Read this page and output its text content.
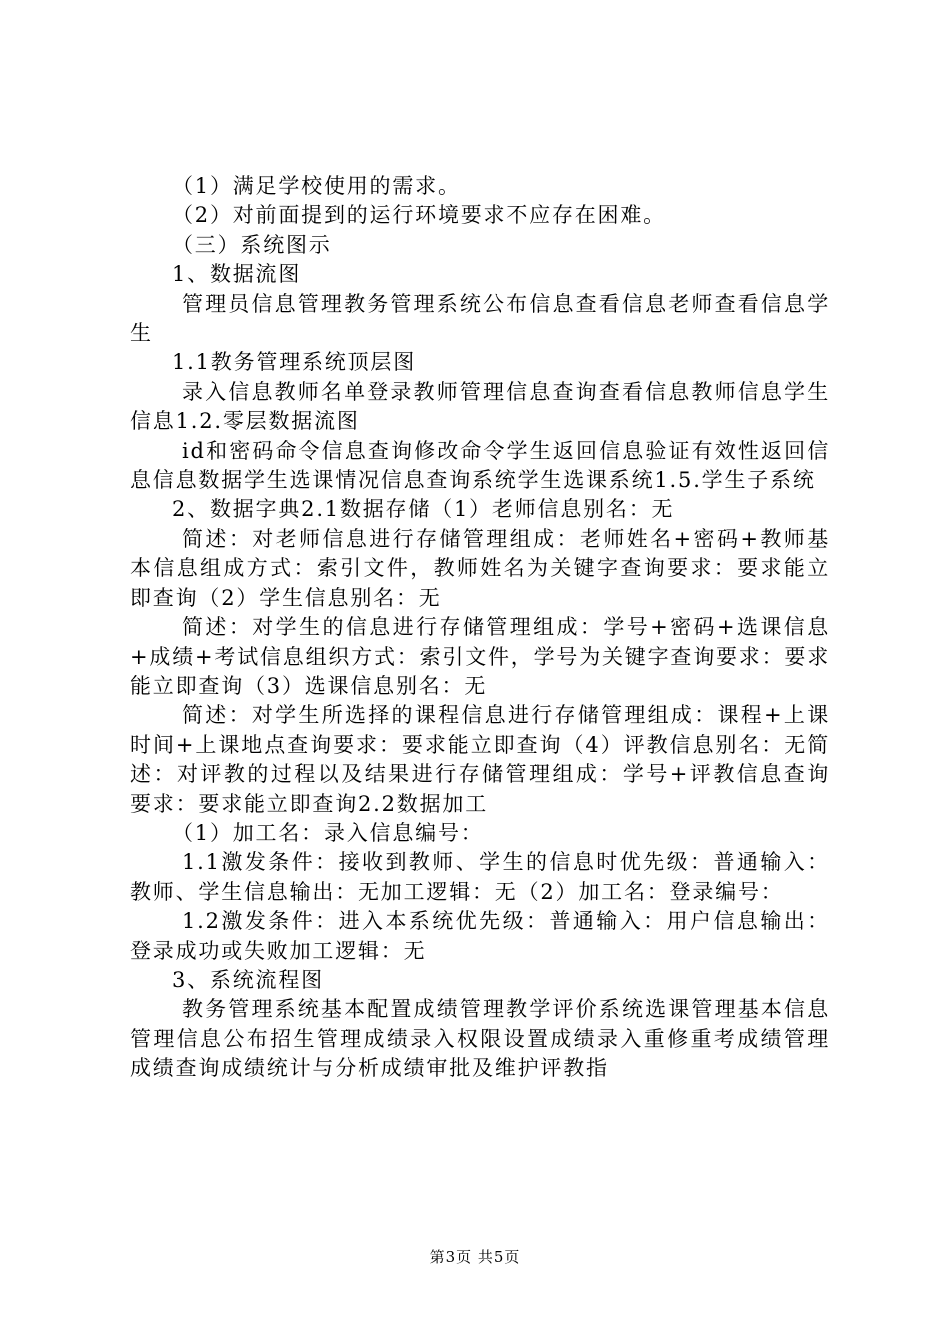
（1）满足学校使用的需求。

（2）对前面提到的运行环境要求不应存在困难。

（三）系统图示

1、数据流图

管理员信息管理教务管理系统公布信息查看信息老师查看信息学生

1.1教务管理系统顶层图

录入信息教师名单登录教师管理信息查询查看信息教师信息学生信息1.2.零层数据流图

id和密码命令信息查询修改命令学生返回信息验证有效性返回信息信息数据学生选课情况信息查询系统学生选课系统1.5.学生子系统

2、数据字典2.1数据存储（1）老师信息别名：无

简述：对老师信息进行存储管理组成：老师姓名+密码+教师基本信息组成方式：索引文件，教师姓名为关键字查询要求：要求能立即查询（2）学生信息别名：无

简述：对学生的信息进行存储管理组成：学号+密码+选课信息+成绩+考试信息组织方式：索引文件，学号为关键字查询要求：要求能立即查询（3）选课信息别名：无

简述：对学生所选择的课程信息进行存储管理组成：课程+上课时间+上课地点查询要求：要求能立即查询（4）评教信息别名：无简述：对评教的过程以及结果进行存储管理组成：学号+评教信息查询要求：要求能立即查询2.2数据加工

（1）加工名：录入信息编号：

1.1激发条件：接收到教师、学生的信息时优先级：普通输入：教师、学生信息输出：无加工逻辑：无（2）加工名：登录编号：

1.2激发条件：进入本系统优先级：普通输入：用户信息输出：登录成功或失败加工逻辑：无

3、系统流程图

教务管理系统基本配置成绩管理教学评价系统选课管理基本信息管理信息公布招生管理成绩录入权限设置成绩录入重修重考成绩管理成绩查询成绩统计与分析成绩审批及维护评教指

第3页 共5页
